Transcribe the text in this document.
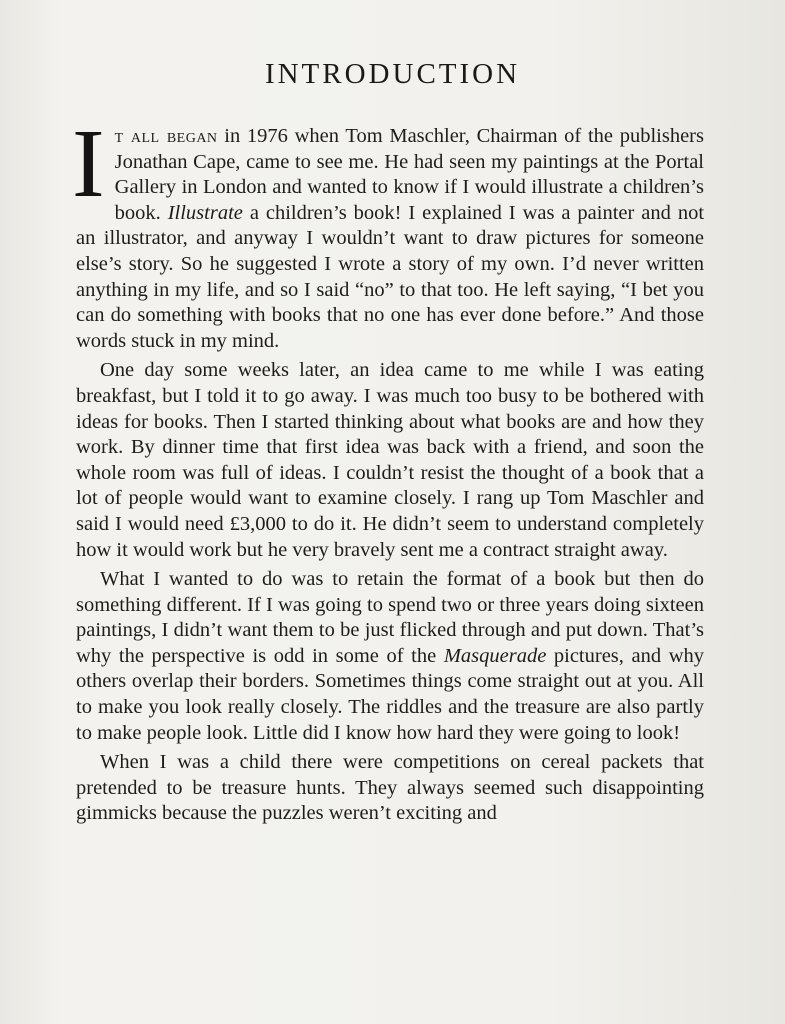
INTRODUCTION

It all began in 1976 when Tom Maschler, Chairman of the publishers Jonathan Cape, came to see me. He had seen my paintings at the Portal Gallery in London and wanted to know if I would illustrate a children’s book. Illustrate a children’s book! I explained I was a painter and not an illustrator, and anyway I wouldn’t want to draw pictures for someone else’s story. So he suggested I wrote a story of my own. I’d never written anything in my life, and so I said “no” to that too. He left saying, “I bet you can do something with books that no one has ever done before.” And those words stuck in my mind.

One day some weeks later, an idea came to me while I was eating breakfast, but I told it to go away. I was much too busy to be bothered with ideas for books. Then I started thinking about what books are and how they work. By dinner time that first idea was back with a friend, and soon the whole room was full of ideas. I couldn’t resist the thought of a book that a lot of people would want to examine closely. I rang up Tom Maschler and said I would need £3,000 to do it. He didn’t seem to understand completely how it would work but he very bravely sent me a contract straight away.

What I wanted to do was to retain the format of a book but then do something different. If I was going to spend two or three years doing sixteen paintings, I didn’t want them to be just flicked through and put down. That’s why the perspective is odd in some of the Masquerade pictures, and why others overlap their borders. Sometimes things come straight out at you. All to make you look really closely. The riddles and the treasure are also partly to make people look. Little did I know how hard they were going to look!

When I was a child there were competitions on cereal packets that pretended to be treasure hunts. They always seemed such disappointing gimmicks because the puzzles weren’t exciting and
